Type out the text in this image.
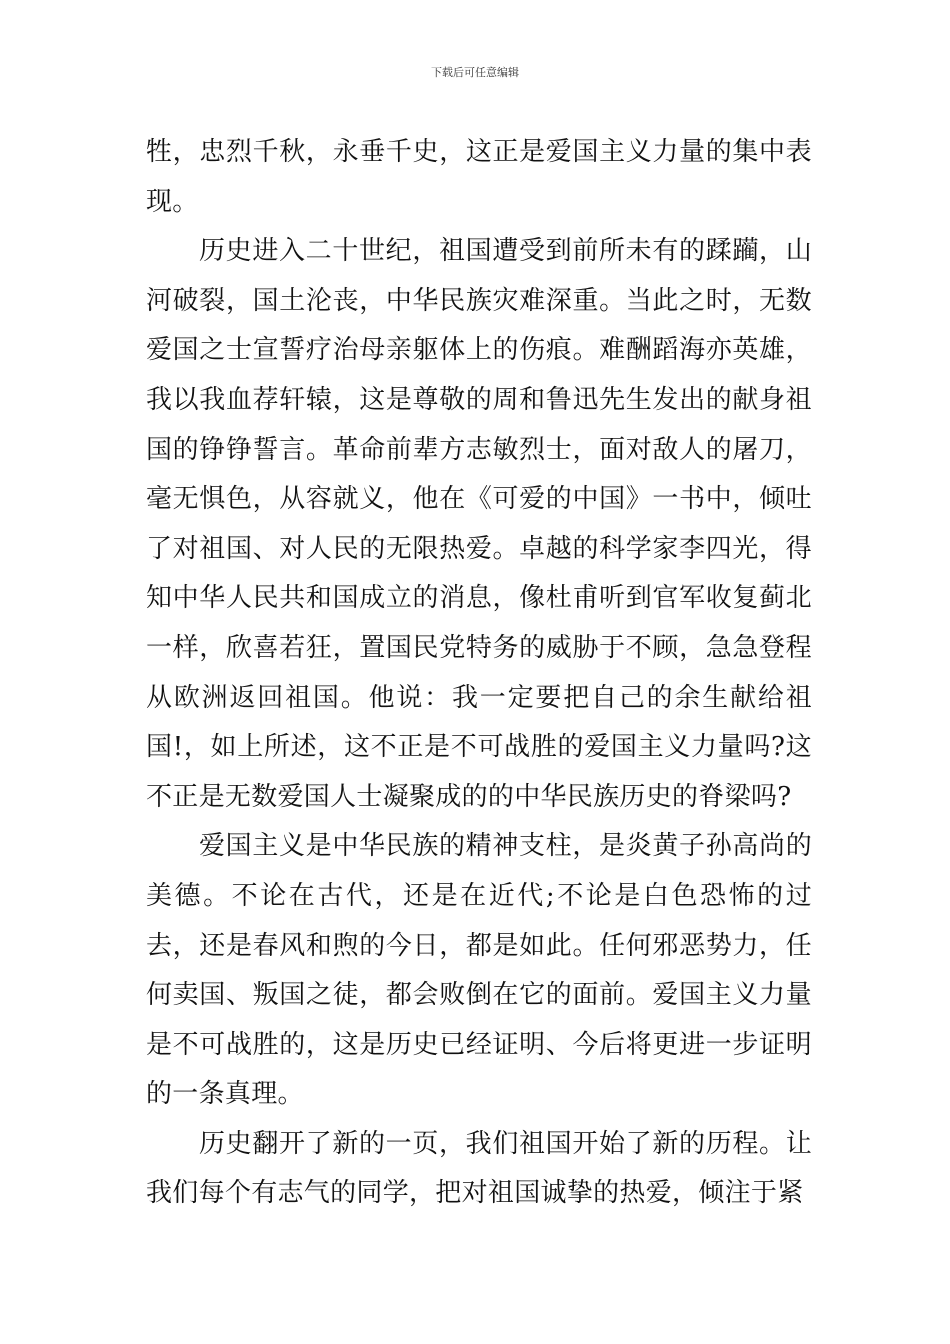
下载后可任意编辑

牲，忠烈千秋，永垂千史，这正是爱国主义力量的集中表现。

历史进入二十世纪，祖国遭受到前所未有的蹂躏，山河破裂，国土沦丧，中华民族灾难深重。当此之时，无数爱国之士宣誓疗治母亲躯体上的伤痕。难酬蹈海亦英雄，我以我血荐轩辕，这是尊敬的周和鲁迅先生发出的献身祖国的铮铮誓言。革命前辈方志敏烈士，面对敌人的屠刀，毫无惧色，从容就义，他在《可爱的中国》一书中，倾吐了对祖国、对人民的无限热爱。卓越的科学家李四光，得知中华人民共和国成立的消息，像杜甫听到官军收复蓟北一样，欣喜若狂，置国民党特务的威胁于不顾，急急登程从欧洲返回祖国。他说：我一定要把自己的余生献给祖国!，如上所述，这不正是不可战胜的爱国主义力量吗?这不正是无数爱国人士凝聚成的的中华民族历史的脊梁吗?

爱国主义是中华民族的精神支柱，是炎黄子孙高尚的美德。不论在古代，还是在近代;不论是白色恐怖的过去，还是春风和煦的今日，都是如此。任何邪恶势力，任何卖国、叛国之徒，都会败倒在它的面前。爱国主义力量是不可战胜的，这是历史已经证明、今后将更进一步证明的一条真理。

历史翻开了新的一页，我们祖国开始了新的历程。让我们每个有志气的同学，把对祖国诚挚的热爱，倾注于紧
